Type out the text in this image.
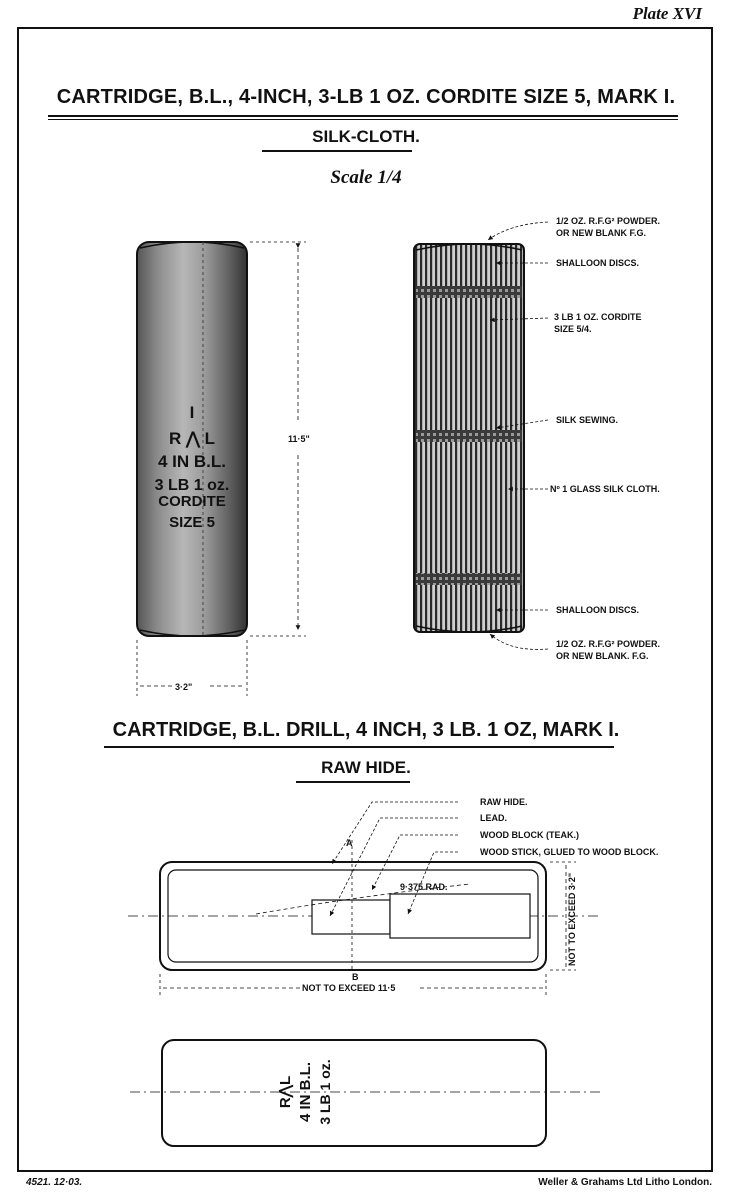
Plate XVI
CARTRIDGE, B.L., 4-INCH, 3-LB 1 OZ. CORDITE SIZE 5, MARK I.
SILK-CLOTH.
Scale 1/4
CARTRIDGE, B.L. DRILL, 4 INCH, 3 LB. 1 OZ, MARK I.
RAW HIDE.
I
R ⋀ L
4 IN B.L.
3 LB 1 oz.
CORDITE
SIZE 5
11·5"
3·2"
1/2 OZ. R.F.G² POWDER.
OR NEW BLANK F.G.
SHALLOON DISCS.
3 LB 1 OZ. CORDITE
SIZE 5/4.
SILK SEWING.
Nº 1 GLASS SILK CLOTH.
SHALLOON DISCS.
1/2 OZ. R.F.G² POWDER.
OR NEW BLANK. F.G.
9·375 RAD.
A
B
RAW HIDE.
LEAD.
WOOD BLOCK (TEAK.)
WOOD STICK, GLUED TO WOOD BLOCK.
NOT TO EXCEED 11·5
NOT TO EXCEED 3·2"
R⋀L 4 IN B.L. 3 LB 1 oz.
4521. 12·03.	Weller & Grahams Ltd Litho London.
